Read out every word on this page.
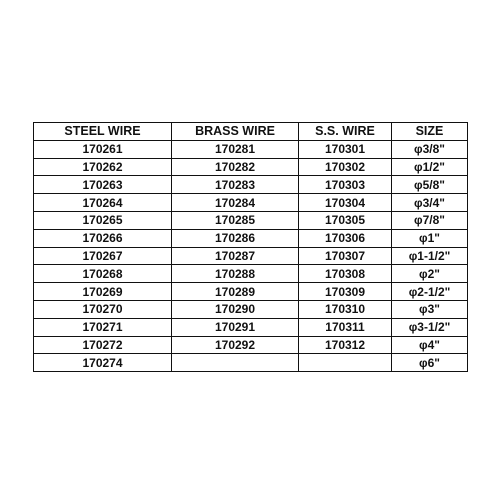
STEEL WIRE	BRASS WIRE	S.S. WIRE	SIZE
170261	170281	170301	φ3/8"
170262	170282	170302	φ1/2"
170263	170283	170303	φ5/8"
170264	170284	170304	φ3/4"
170265	170285	170305	φ7/8"
170266	170286	170306	φ1"
170267	170287	170307	φ1-1/2"
170268	170288	170308	φ2"
170269	170289	170309	φ2-1/2"
170270	170290	170310	φ3"
170271	170291	170311	φ3-1/2"
170272	170292	170312	φ4"
170274			φ6"
